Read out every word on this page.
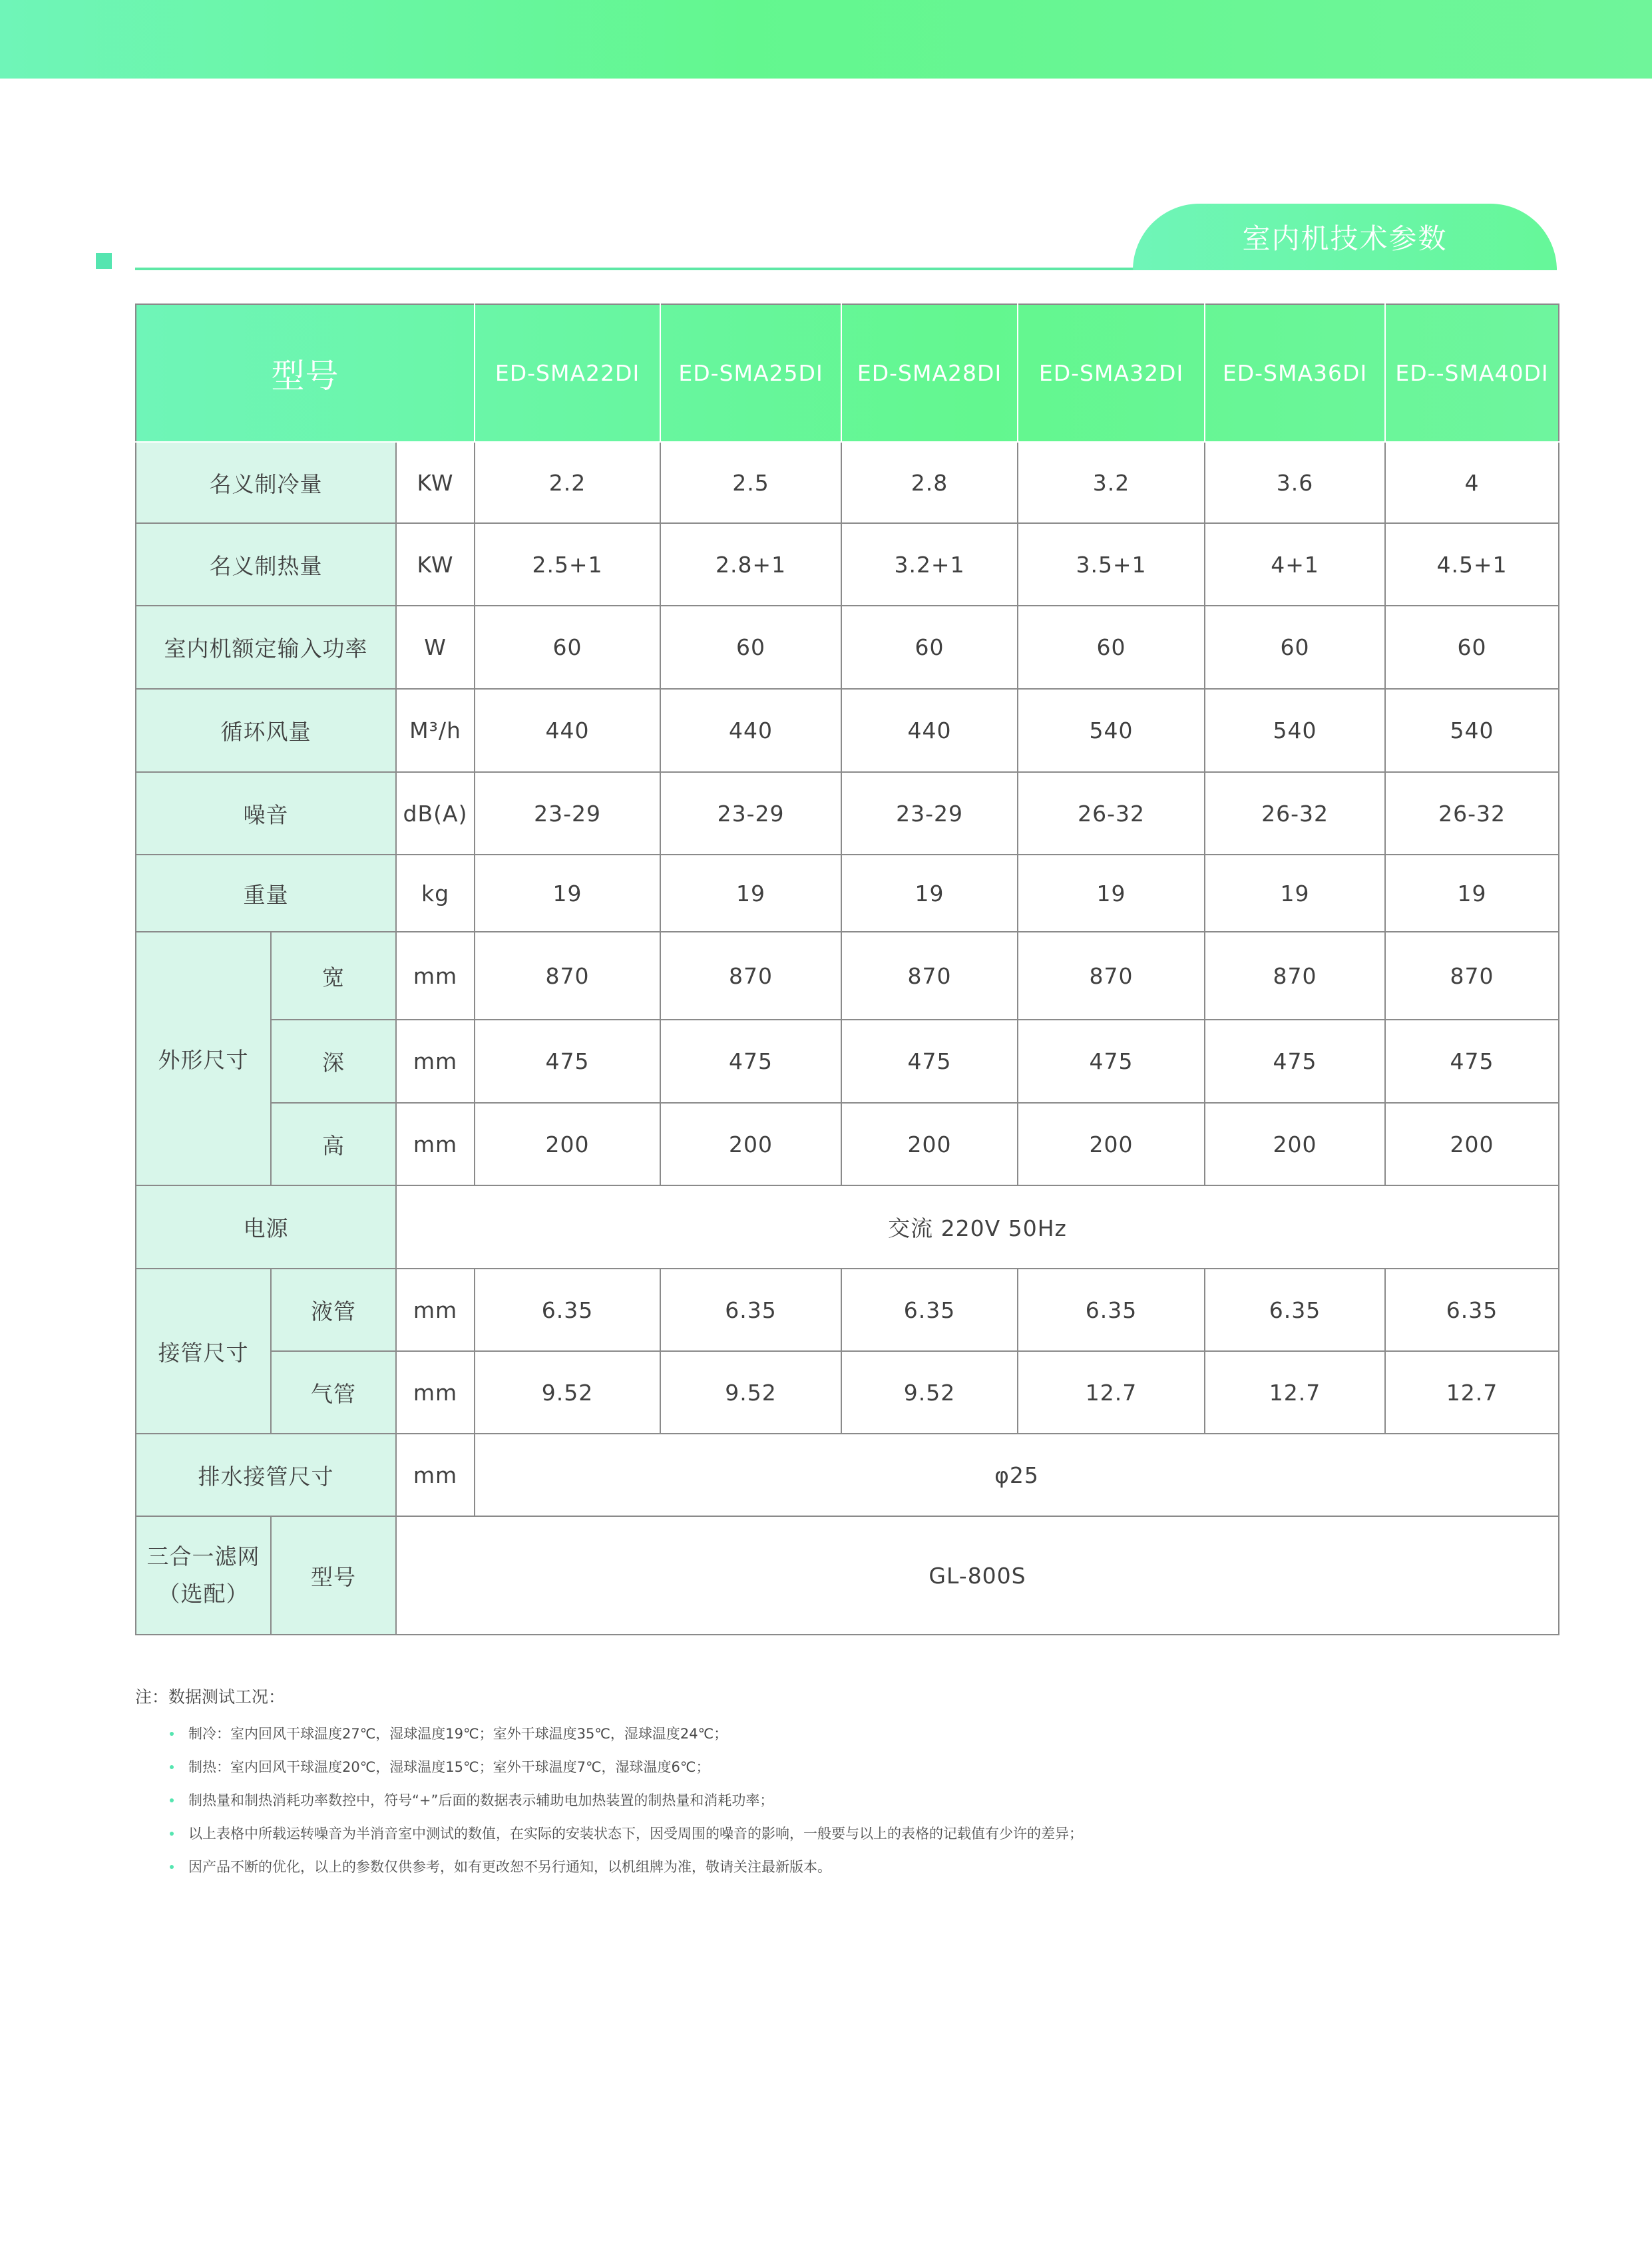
室内机技术参数
型号			ED-SMA22DI	ED-SMA25DI	ED-SMA28DI	ED-SMA32DI	ED-SMA36DI	ED--SMA40DI
名义制冷量		KW	2.2	2.5	2.8	3.2	3.6	4
名义制热量		KW	2.5+1	2.8+1	3.2+1	3.5+1	4+1	4.5+1
室内机额定输入功率		W	60	60	60	60	60	60
循环风量		M³/h	440	440	440	540	540	540
噪音		dB(A)	23-29	23-29	23-29	26-32	26-32	26-32
重量		kg	19	19	19	19	19	19
外形尺寸	宽	mm	870	870	870	870	870	870
	深	mm	475	475	475	475	475	475
	高	mm	200	200	200	200	200	200
电源		交流 220V 50Hz						
接管尺寸	液管	mm	6.35	6.35	6.35	6.35	6.35	6.35
	气管	mm	9.52	9.52	9.52	12.7	12.7	12.7
排水接管尺寸		mm	φ25					

三合一滤网
（选配）	型号	GL-800S						
注：数据测试工况：
制冷：室内回风干球温度27℃，湿球温度19℃；室外干球温度35℃，湿球温度24℃；
制热：室内回风干球温度20℃，湿球温度15℃；室外干球温度7℃，湿球温度6℃；
制热量和制热消耗功率数控中，符号“+”后面的数据表示辅助电加热装置的制热量和消耗功率；
以上表格中所载运转噪音为半消音室中测试的数值，在实际的安装状态下，因受周围的噪音的影响，一般要与以上的表格的记载值有少许的差异；
因产品不断的优化，以上的参数仅供参考，如有更改恕不另行通知，以机组牌为准，敬请关注最新版本。
